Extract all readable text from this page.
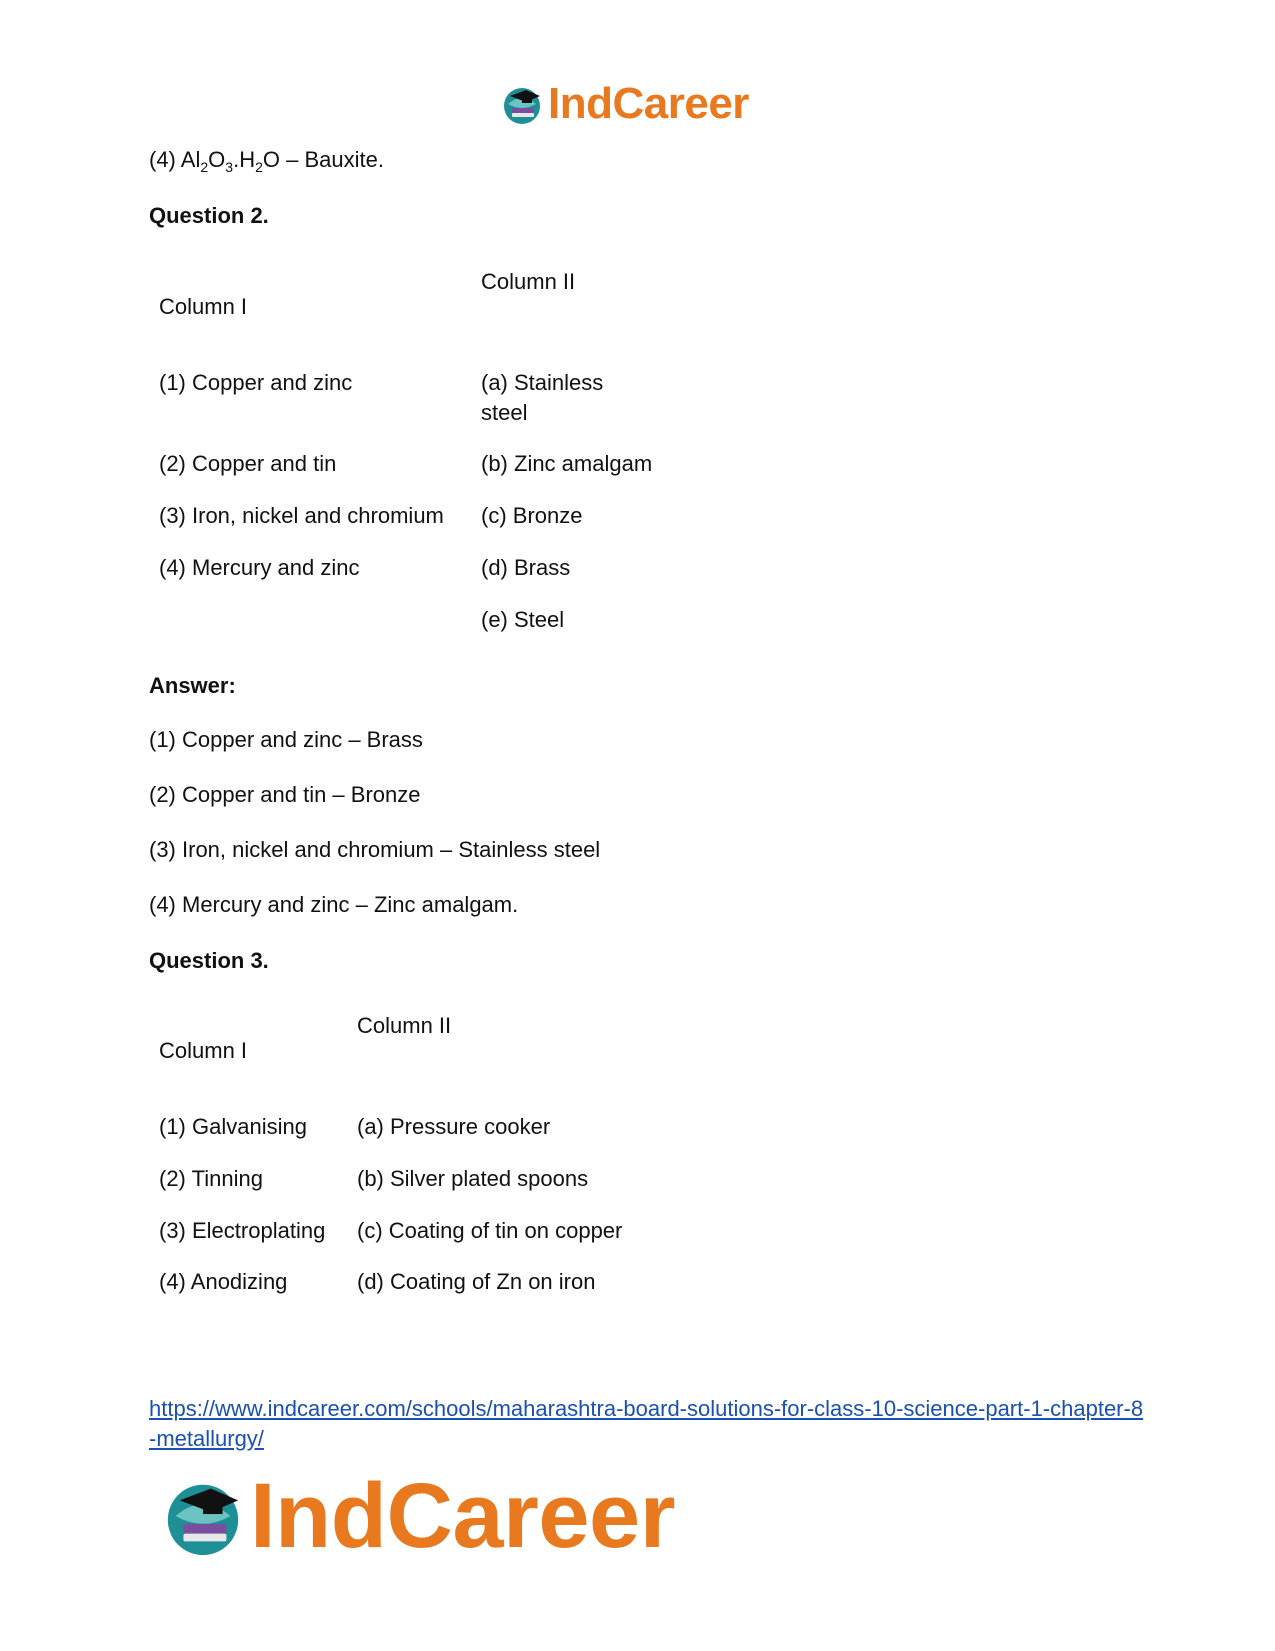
IndCareer
(4) $Al_2O_3.H_2O$ – Bauxite.
Question 2.
Column II
Column I
(1) Copper and zinc
(2) Copper and tin
(3) Iron, nickel and chromium
(4) Mercury and zinc
(a) Stainless
steel
(b) Zinc amalgam
(c) Bronze
(d) Brass
(e) Steel
Answer:
(1) Copper and zinc – Brass
(2) Copper and tin – Bronze
(3) Iron, nickel and chromium – Stainless steel
(4) Mercury and zinc – Zinc amalgam.
Question 3.
Column II
Column I
(1) Galvanising
(2) Tinning
(3) Electroplating
(4) Anodizing
(a) Pressure cooker
(b) Silver plated spoons
(c) Coating of tin on copper
(d) Coating of Zn on iron
https://www.indcareer.com/schools/maharashtra-board-solutions-for-class-10-science-part-1-chapter-8-metallurgy/
IndCareer
